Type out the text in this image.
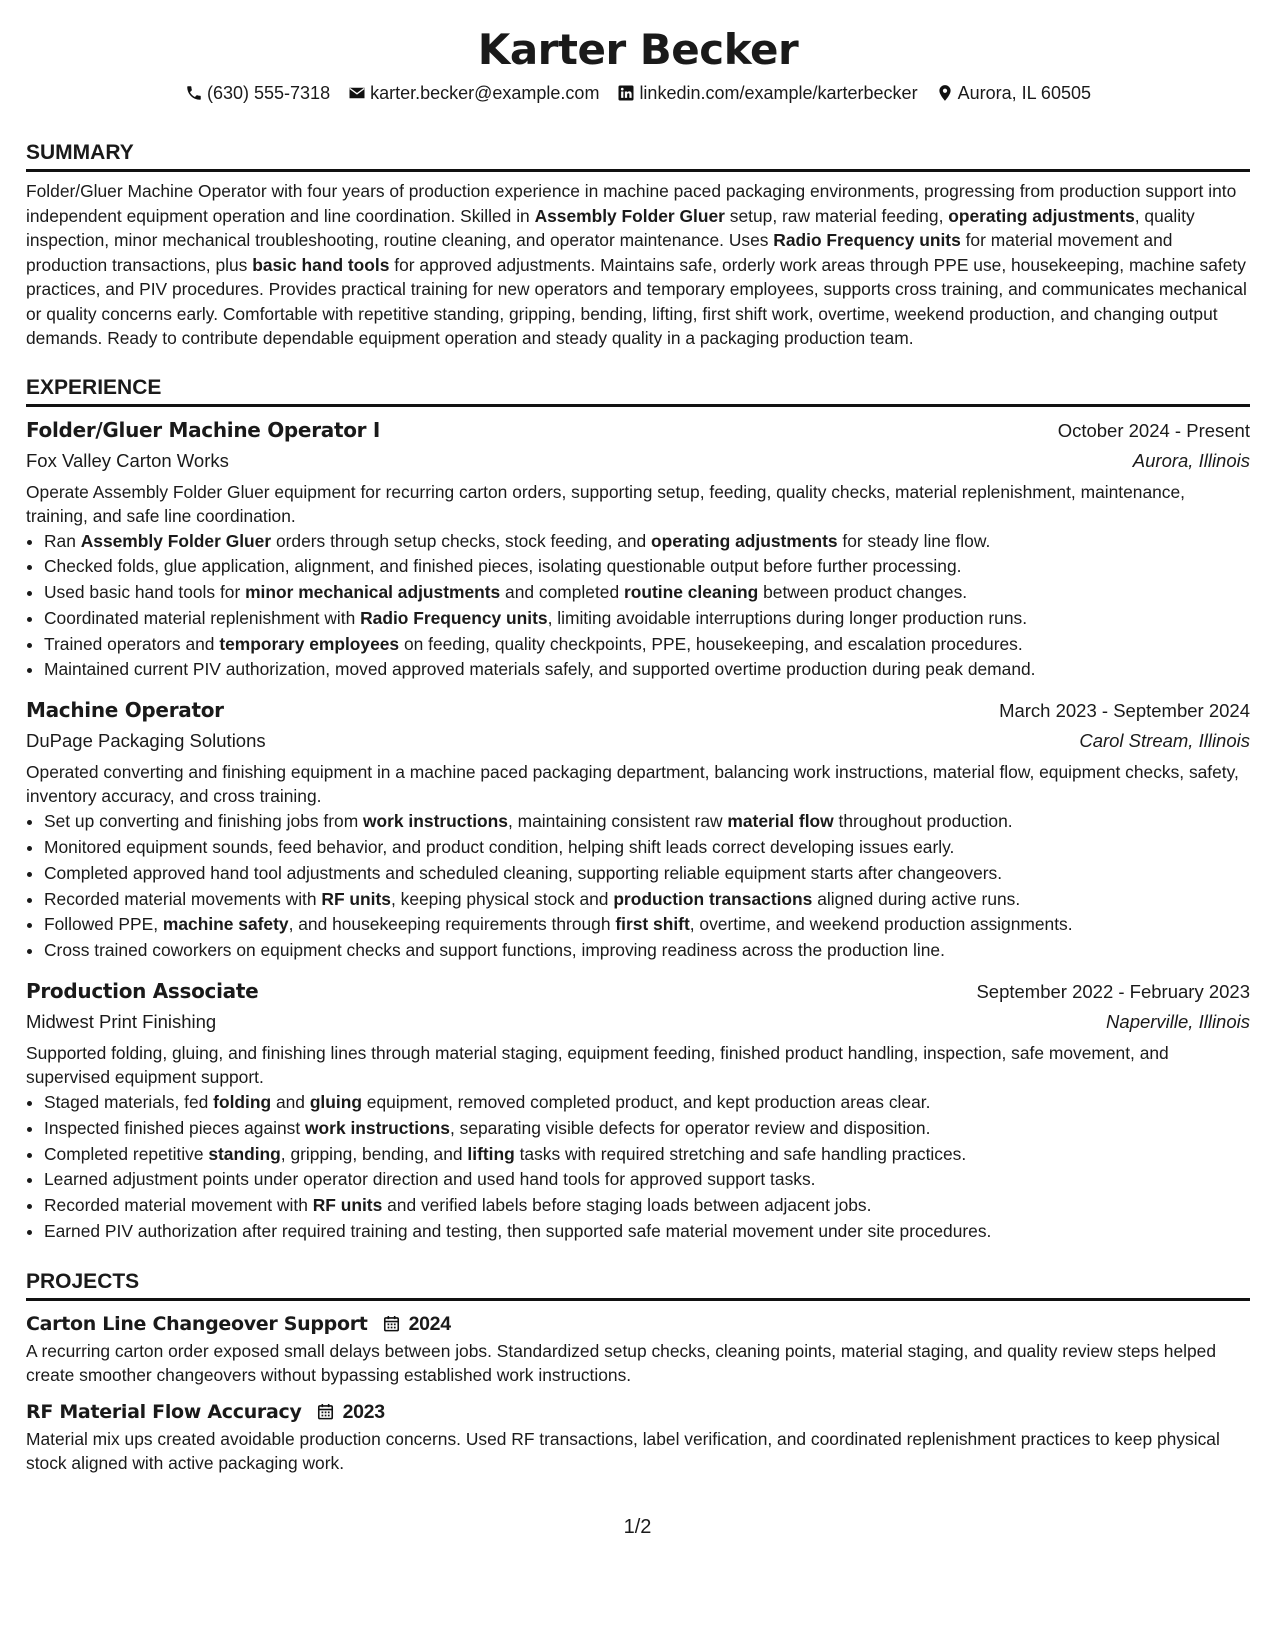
Karter Becker
(630) 555-7318 karter.becker@example.com linkedin.com/example/karterbecker Aurora, IL 60505
SUMMARY
Folder/Gluer Machine Operator with four years of production experience in machine paced packaging environments, progressing from production support into independent equipment operation and line coordination. Skilled in Assembly Folder Gluer setup, raw material feeding, operating adjustments, quality inspection, minor mechanical troubleshooting, routine cleaning, and operator maintenance. Uses Radio Frequency units for material movement and production transactions, plus basic hand tools for approved adjustments. Maintains safe, orderly work areas through PPE use, housekeeping, machine safety practices, and PIV procedures. Provides practical training for new operators and temporary employees, supports cross training, and communicates mechanical or quality concerns early. Comfortable with repetitive standing, gripping, bending, lifting, first shift work, overtime, weekend production, and changing output demands. Ready to contribute dependable equipment operation and steady quality in a packaging production team.
EXPERIENCE
Folder/Gluer Machine Operator I	October 2024 - Present
Fox Valley Carton Works	Aurora, Illinois
Operate Assembly Folder Gluer equipment for recurring carton orders, supporting setup, feeding, quality checks, material replenishment, maintenance, training, and safe line coordination.
• Ran Assembly Folder Gluer orders through setup checks, stock feeding, and operating adjustments for steady line flow.
• Checked folds, glue application, alignment, and finished pieces, isolating questionable output before further processing.
• Used basic hand tools for minor mechanical adjustments and completed routine cleaning between product changes.
• Coordinated material replenishment with Radio Frequency units, limiting avoidable interruptions during longer production runs.
• Trained operators and temporary employees on feeding, quality checkpoints, PPE, housekeeping, and escalation procedures.
• Maintained current PIV authorization, moved approved materials safely, and supported overtime production during peak demand.
Machine Operator	March 2023 - September 2024
DuPage Packaging Solutions	Carol Stream, Illinois
Operated converting and finishing equipment in a machine paced packaging department, balancing work instructions, material flow, equipment checks, safety, inventory accuracy, and cross training.
• Set up converting and finishing jobs from work instructions, maintaining consistent raw material flow throughout production.
• Monitored equipment sounds, feed behavior, and product condition, helping shift leads correct developing issues early.
• Completed approved hand tool adjustments and scheduled cleaning, supporting reliable equipment starts after changeovers.
• Recorded material movements with RF units, keeping physical stock and production transactions aligned during active runs.
• Followed PPE, machine safety, and housekeeping requirements through first shift, overtime, and weekend production assignments.
• Cross trained coworkers on equipment checks and support functions, improving readiness across the production line.
Production Associate	September 2022 - February 2023
Midwest Print Finishing	Naperville, Illinois
Supported folding, gluing, and finishing lines through material staging, equipment feeding, finished product handling, inspection, safe movement, and supervised equipment support.
• Staged materials, fed folding and gluing equipment, removed completed product, and kept production areas clear.
• Inspected finished pieces against work instructions, separating visible defects for operator review and disposition.
• Completed repetitive standing, gripping, bending, and lifting tasks with required stretching and safe handling practices.
• Learned adjustment points under operator direction and used hand tools for approved support tasks.
• Recorded material movement with RF units and verified labels before staging loads between adjacent jobs.
• Earned PIV authorization after required training and testing, then supported safe material movement under site procedures.
PROJECTS
Carton Line Changeover Support 2024
A recurring carton order exposed small delays between jobs. Standardized setup checks, cleaning points, material staging, and quality review steps helped create smoother changeovers without bypassing established work instructions.
RF Material Flow Accuracy 2023
Material mix ups created avoidable production concerns. Used RF transactions, label verification, and coordinated replenishment practices to keep physical stock aligned with active packaging work.
1/2
